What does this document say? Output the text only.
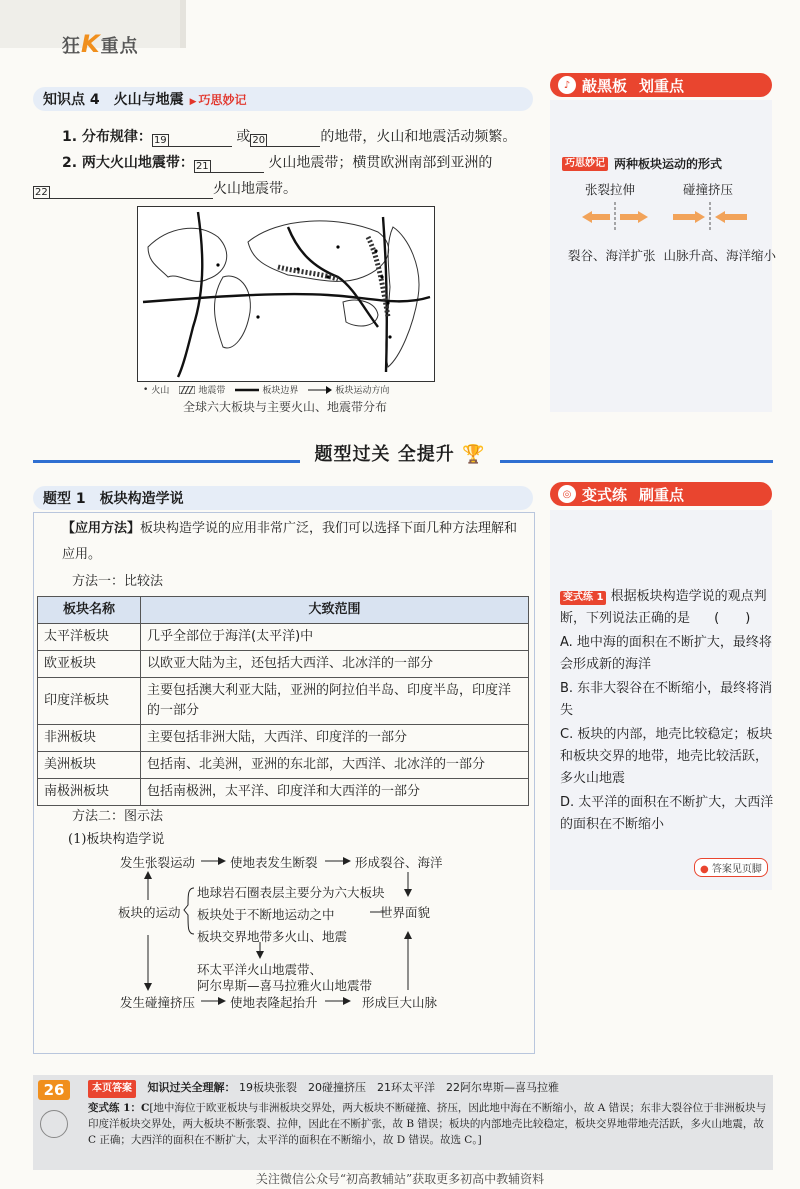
狂K重点
知识点 4 火山与地震	▶ 巧思妙记
♪ 敲黑板 划重点
巧思妙记 两种板块运动的形式
张裂拉伸	碰撞挤压
裂谷、海洋扩张 山脉升高、海洋缩小
1. 分布规律： 19	或 20	的地带，火山和地震活动频繁。
2. 两大火山地震带： 21	火山地震带；横贯欧洲南部到亚洲的
22	火山地震带。
• 火山	地震带	板块边界	板块运动方向
全球六大板块与主要火山、地震带分布
题型过关 全提升 🏆
题型 1 板块构造学说
【应用方法】板块构造学说的应用非常广泛，我们可以选择下面几种方法理解和应用。
方法一：比较法
板块名称	大致范围
太平洋板块	几乎全部位于海洋(太平洋)中
欧亚板块	以欧亚大陆为主，还包括大西洋、北冰洋的一部分
印度洋板块	主要包括澳大利亚大陆，亚洲的阿拉伯半岛、印度半岛，印度洋的一部分
非洲板块	主要包括非洲大陆，大西洋、印度洋的一部分
美洲板块	包括南、北美洲，亚洲的东北部，大西洋、北冰洋的一部分
南极洲板块	包括南极洲，太平洋、印度洋和大西洋的一部分
方法二：图示法
(1)板块构造学说
发生张裂运动	使地表发生断裂	形成裂谷、海洋
板块的运动
地球岩石圈表层主要分为六大板块
板块处于不断地运动之中
板块交界地带多火山、地震
世界面貌
环太平洋火山地震带、
阿尔卑斯—喜马拉雅火山地震带
发生碰撞挤压	使地表隆起抬升	形成巨大山脉
◎ 变式练 刷重点
变式练 1 根据板块构造学说的观点判断，下列说法正确的是 (　　)
A. 地中海的面积在不断扩大，最终将会形成新的海洋
B. 东非大裂谷在不断缩小，最终将消失
C. 板块的内部，地壳比较稳定；板块和板块交界的地带，地壳比较活跃，多火山地震
D. 太平洋的面积在不断扩大，大西洋的面积在不断缩小
● 答案见页脚
26	本页答案 知识过关全理解： 19板块张裂　 20碰撞挤压　 21环太平洋　 22阿尔卑斯—喜马拉雅
变式练 1：C[地中海位于欧亚板块与非洲板块交界处，两大板块不断碰撞、挤压，因此地中海在不断缩小，故 A 错误；东非大裂谷位于非洲板块与印度洋板块交界处，两大板块不断张裂、拉伸，因此在不断扩张，故 B 错误；板块的内部地壳比较稳定，板块交界地带地壳活跃，多火山地震，故 C 正确；大西洋的面积在不断扩大，太平洋的面积在不断缩小，故 D 错误。故选 C。]
关注微信公众号“初高教辅站”获取更多初高中教辅资料
